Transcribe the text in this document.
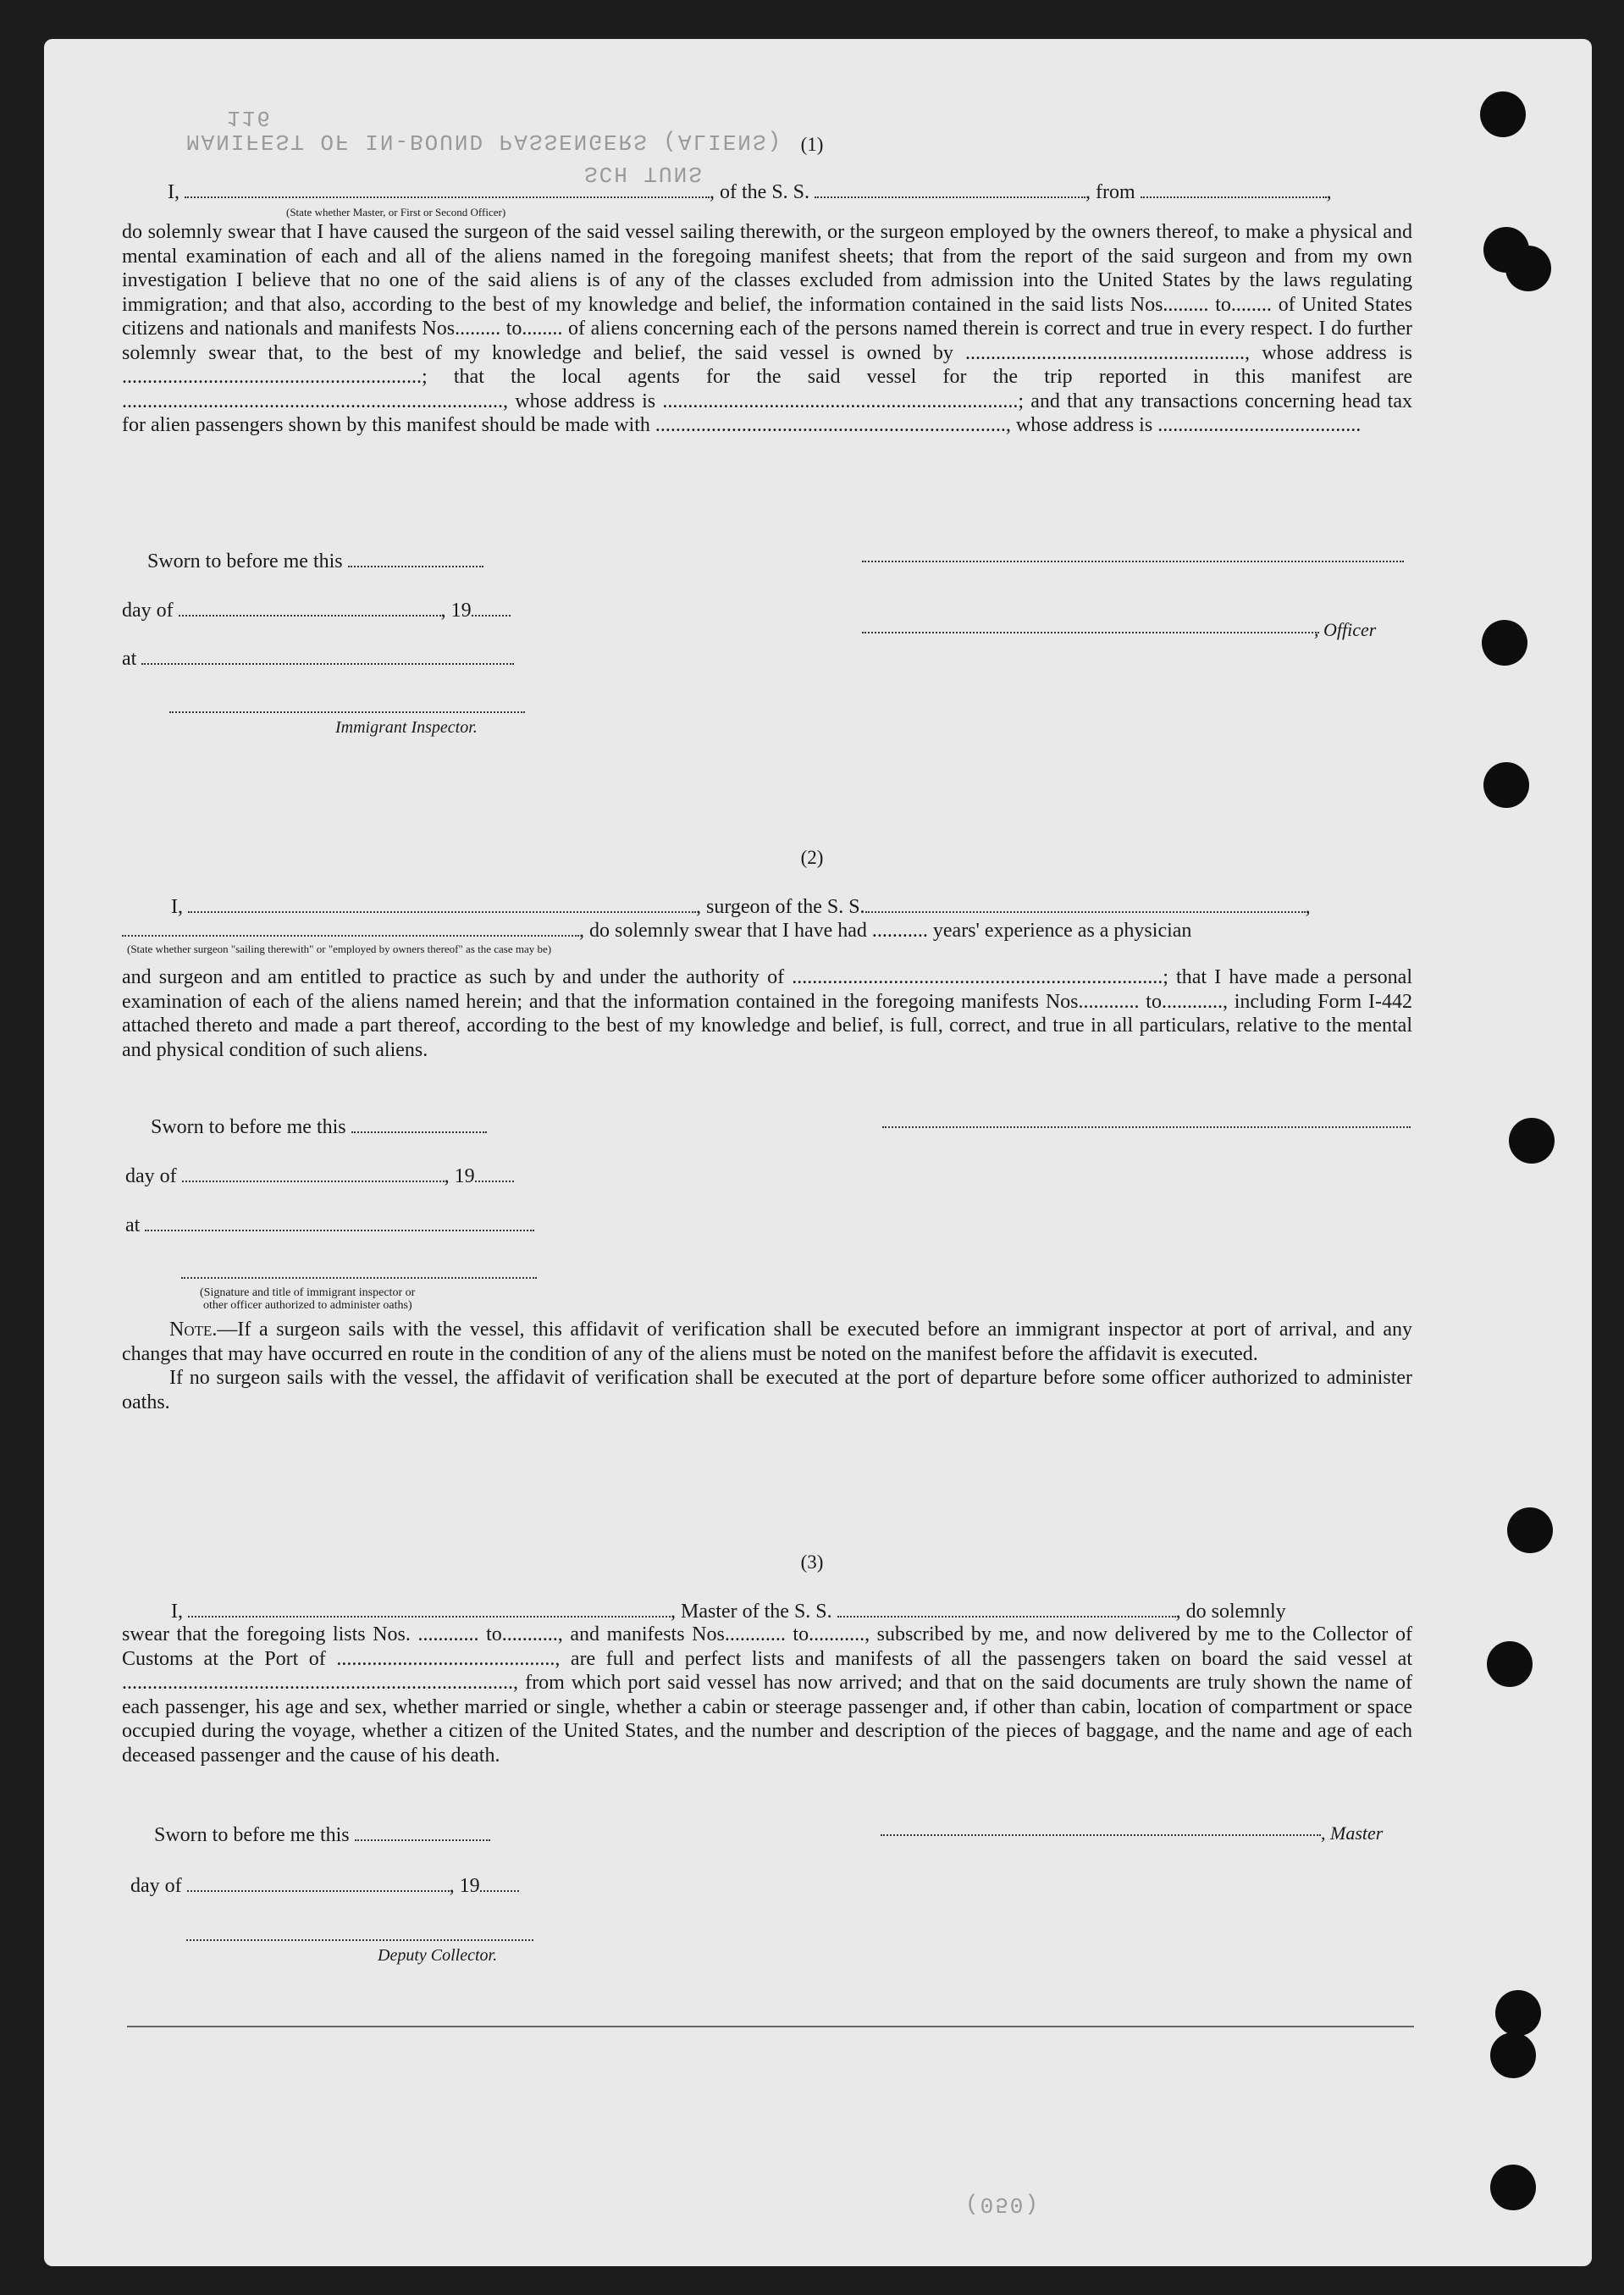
MANIFEST OF IN-BOUND PASSENGERS (ALIENS)
SCH TUNS
116
(050)
(1)
I,	, of the S. S.	, from	,
(State whether Master, or First or Second Officer)

do solemnly swear that I have caused the surgeon of the said vessel sailing therewith, or the surgeon employed by the owners thereof, to make a physical and mental examination of each and all of the aliens named in the foregoing manifest sheets; that from the report of the said surgeon and from my own investigation I believe that no one of the said aliens is of any of the classes excluded from admission into the United States by the laws regulating immigration; and that also, according to the best of my knowledge and belief, the information contained in the said lists Nos......... to........ of United States citizens and nationals and manifests Nos......... to........ of aliens concerning each of the persons named therein is correct and true in every respect. I do further solemnly swear that, to the best of my knowledge and belief, the said vessel is owned by ......................................................., whose address is ...........................................................; that the local agents for the said vessel for the trip reported in this manifest are ..........................................................................., whose address is ......................................................................; and that any transactions concerning head tax for alien passengers shown by this manifest should be made with ....................................................................., whose address is ........................................

Sworn to before me this
day of	, 19
, Officer
at
Immigrant Inspector.
(2)
I,	, surgeon of the S. S.	,
, do solemnly swear that I have had ........... years' experience as a physician
(State whether surgeon "sailing therewith" or "employed by owners thereof" as the case may be)

and surgeon and am entitled to practice as such by and under the authority of .........................................................................; that I have made a personal examination of each of the aliens named herein; and that the information contained in the foregoing manifests Nos............ to............, including Form I-442 attached thereto and made a part thereof, according to the best of my knowledge and belief, is full, correct, and true in all particulars, relative to the mental and physical condition of such aliens.

Sworn to before me this
day of	, 19
at
(Signature and title of immigrant inspector or
other officer authorized to administer oaths)

Note.—If a surgeon sails with the vessel, this affidavit of verification shall be executed before an immigrant inspector at port of arrival, and any changes that may have occurred en route in the condition of any of the aliens must be noted on the manifest before the affidavit is executed.

If no surgeon sails with the vessel, the affidavit of verification shall be executed at the port of departure before some officer authorized to administer oaths.

(3)
I,	, Master of the S. S.	, do solemnly

swear that the foregoing lists Nos. ............ to..........., and manifests Nos............ to..........., subscribed by me, and now delivered by me to the Collector of Customs at the Port of ..........................................., are full and perfect lists and manifests of all the passengers taken on board the said vessel at ............................................................................., from which port said vessel has now arrived; and that on the said documents are truly shown the name of each passenger, his age and sex, whether married or single, whether a cabin or steerage passenger and, if other than cabin, location of compartment or space occupied during the voyage, whether a citizen of the United States, and the number and description of the pieces of baggage, and the name and age of each deceased passenger and the cause of his death.

Sworn to before me this	, Master
day of	, 19
Deputy Collector.
